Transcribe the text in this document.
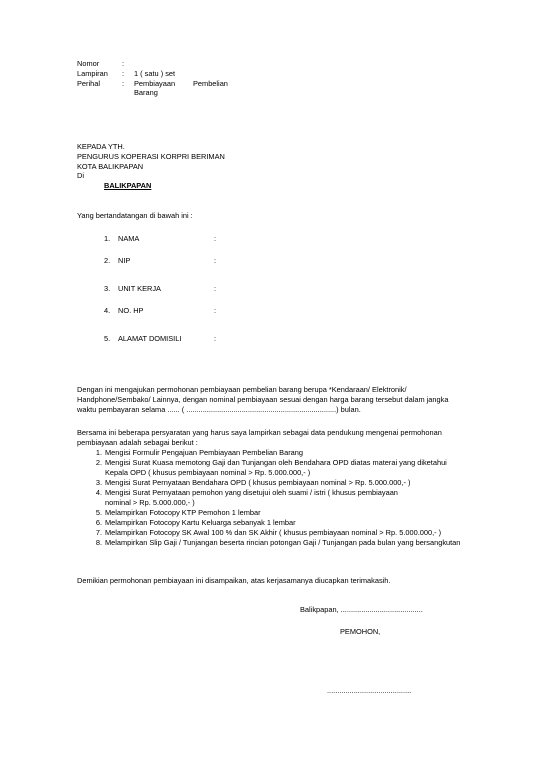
Nomor	:
Lampiran : 1 ( satu ) set
Perihal	: Pembiayaan Pembelian
Barang
KEPADA YTH.
PENGURUS KOPERASI KORPRI BERIMAN
KOTA BALIKPAPAN
Di
BALIKPAPAN
Yang bertandatangan di bawah ini :
1. NAMA	:
2. NIP	:
3. UNIT KERJA	:
4. NO. HP	:
5. ALAMAT DOMISILI	:
Dengan ini mengajukan permohonan pembiayaan pembelian barang berupa *Kendaraan/ Elektronik/
Handphone/Sembako/ Lainnya, dengan nominal pembiayaan sesuai dengan harga barang tersebut dalam jangka
waktu pembayaran selama ...... ( .........................................................................) bulan.
Bersama ini beberapa persyaratan yang harus saya lampirkan sebagai data pendukung mengenai permohonan
pembiayaan adalah sebagai berikut :
1. Mengisi Formulir Pengajuan Pembiayaan Pembelian Barang
2. Mengisi Surat Kuasa memotong Gaji dan Tunjangan oleh Bendahara OPD diatas materai yang diketahui
Kepala OPD ( khusus pembiayaan nominal > Rp. 5.000.000,- )
3. Mengisi Surat Pernyataan Bendahara OPD ( khusus pembiayaan nominal > Rp. 5.000.000,- )
4. Mengisi Surat Pernyataan pemohon yang disetujui oleh suami / istri ( khusus pembiayaan
nominal > Rp. 5.000.000,- )
5. Melampirkan Fotocopy KTP Pemohon 1 lembar
6. Melampirkan Fotocopy Kartu Keluarga sebanyak 1 lembar
7. Melampirkan Fotocopy SK Awal 100 % dan SK Akhir ( khusus pembiayaan nominal > Rp. 5.000.000,- )
8. Melampirkan Slip Gaji / Tunjangan beserta rincian potongan Gaji / Tunjangan pada bulan yang bersangkutan
Demikian permohonan pembiayaan ini disampaikan, atas kerjasamanya diucapkan terimakasih.
Balikpapan, ........................................
PEMOHON,
.........................................
